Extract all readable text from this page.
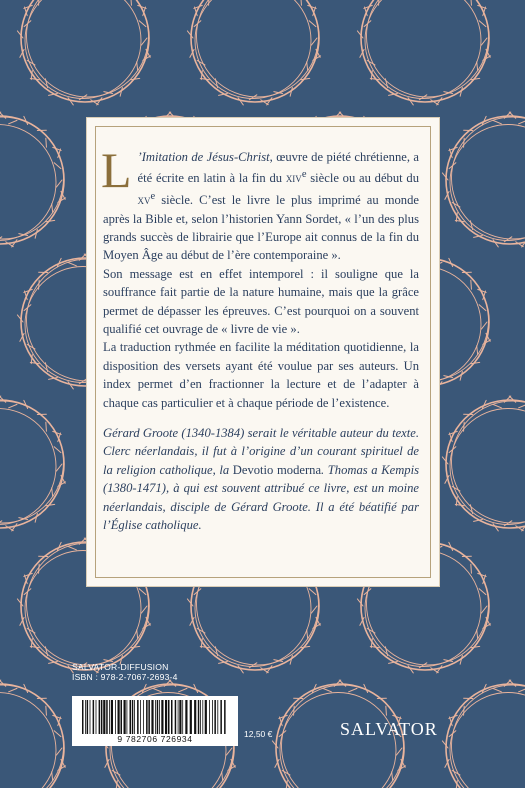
L ’Imitation de Jésus-Christ, œuvre de piété chrétienne, a été écrite en latin à la fin du xiv$^e$ siècle ou au début du $xv^e$ siècle. C’est le livre le plus imprimé au monde après la Bible et, selon l’historien Yann Sordet, « l’un des plus grands succès de librairie que l’Europe ait connus de la fin du Moyen Âge au début de l’ère contemporaine ».

Son message est en effet intemporel : il souligne que la souffrance fait partie de la nature humaine, mais que la grâce permet de dépasser les épreuves. C’est pourquoi on a souvent qualifié cet ouvrage de « livre de vie ».

La traduction rythmée en facilite la méditation quotidienne, la disposition des versets ayant été voulue par ses auteurs. Un index permet d’en fractionner la lecture et de l’adapter à chaque cas particulier et à chaque période de l’existence.

Gérard Groote (1340-1384) serait le véritable auteur du texte. Clerc néerlandais, il fut à l’origine d’un courant spirituel de la religion catholique, la Devotio moderna. Thomas a Kempis (1380-1471), à qui est souvent attribué ce livre, est un moine néerlandais, disciple de Gérard Groote. Il a été béatifié par l’Église catholique.

SALVATOR-DIFFUSION
ISBN : 978-2-7067-2693-4
9 782706 726934	12,50 €	SALVATOR
